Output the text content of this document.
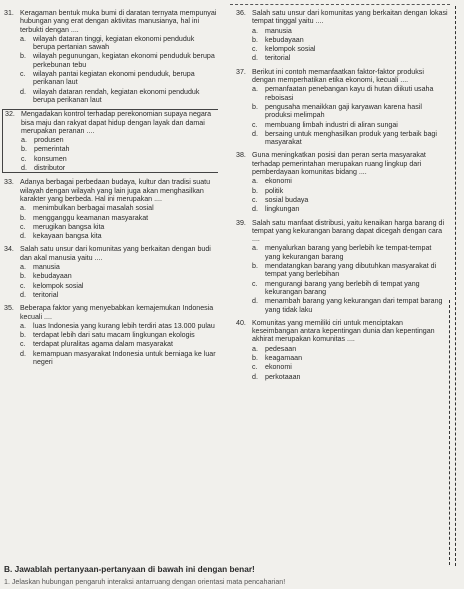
31. Keragaman bentuk muka bumi di daratan ternyata mempunyai hubungan yang erat dengan aktivitas manusianya, hal ini terbukti dengan ....
a. wilayah dataran tinggi, kegiatan ekonomi penduduk berupa pertanian sawah
b. wilayah pegunungan, kegiatan ekonomi penduduk berupa perkebunan tebu
c.	wilayah pantai kegiatan ekonomi penduduk, berupa perikanan laut
d. wilayah dataran rendah, kegiatan ekonomi penduduk berupa perikanan laut
32. Mengadakan kontrol terhadap perekonomian supaya negara bisa maju dan rakyat dapat hidup dengan layak dan damai merupakan peranan ....
a. produsen
b. pemerintah
c.	konsumen
d. distributor
33. Adanya berbagai perbedaan budaya, kultur dan tradisi suatu wilayah dengan wilayah yang lain juga akan menghasilkan karakter yang berbeda. Hal ini merupakan ....
a. menimbulkan berbagai masalah sosial
b. mengganggu keamanan masyarakat
c.	merugikan bangsa kita
d. kekayaan bangsa kita
34. Salah satu unsur dari komunitas yang berkaitan dengan budi dan akal manusia yaitu ....
a. manusia
b. kebudayaan
c.	kelompok sosial
d. teritorial
35. Beberapa faktor yang menyebabkan kemajemukan Indonesia kecuali ....
a. luas Indonesia yang kurang lebih terdiri atas 13.000 pulau
b. terdapat lebih dari satu macam lingkungan ekologis
c.	terdapat pluralitas agama dalam masyarakat
d. kemampuan masyarakat Indonesia untuk berniaga ke luar negeri
36. Salah satu unsur dari komunitas yang berkaitan dengan lokasi tempat tinggal yaitu ....
a. manusia
b. kebudayaan
c.	kelompok sosial
d. teritorial
37. Berikut ini contoh memanfaatkan faktor-faktor produksi dengan memperhatikan etika ekonomi, kecuali ....
a. pemanfaatan penebangan kayu di hutan diikuti usaha reboisasi
b. pengusaha menaikkan gaji karyawan karena hasil produksi melimpah
c.	membuang limbah industri di aliran sungai
d. bersaing untuk menghasilkan produk yang terbaik bagi masyarakat
38. Guna meningkatkan posisi dan peran serta masyarakat terhadap pemerintahan merupakan ruang lingkup dari pemberdayaan komunitas bidang ....
a. ekonomi
b. politik
c.	sosial budaya
d. lingkungan
39. Salah satu manfaat distribusi, yaitu kenaikan harga barang di tempat yang kekurangan barang dapat dicegah dengan cara ....
a. menyalurkan barang yang berlebih ke tempat-tempat yang kekurangan barang
b. mendatangkan barang yang dibutuhkan masyarakat di tempat yang berlebihan
c.	mengurangi barang yang berlebih di tempat yang kekurangan barang
d. menambah barang yang kekurangan dari tempat barang yang tidak laku
40. Komunitas yang memiliki ciri untuk menciptakan keseimbangan antara kepentingan dunia dan kepentingan akhirat merupakan komunitas ....
a. pedesaan
b. keagamaan
c.	ekonomi
d. perkotaaan
B. Jawablah pertanyaan-pertanyaan di bawah ini dengan benar!
1. Jelaskan hubungan pengaruh interaksi antarruang dengan orientasi mata pencaharian!
